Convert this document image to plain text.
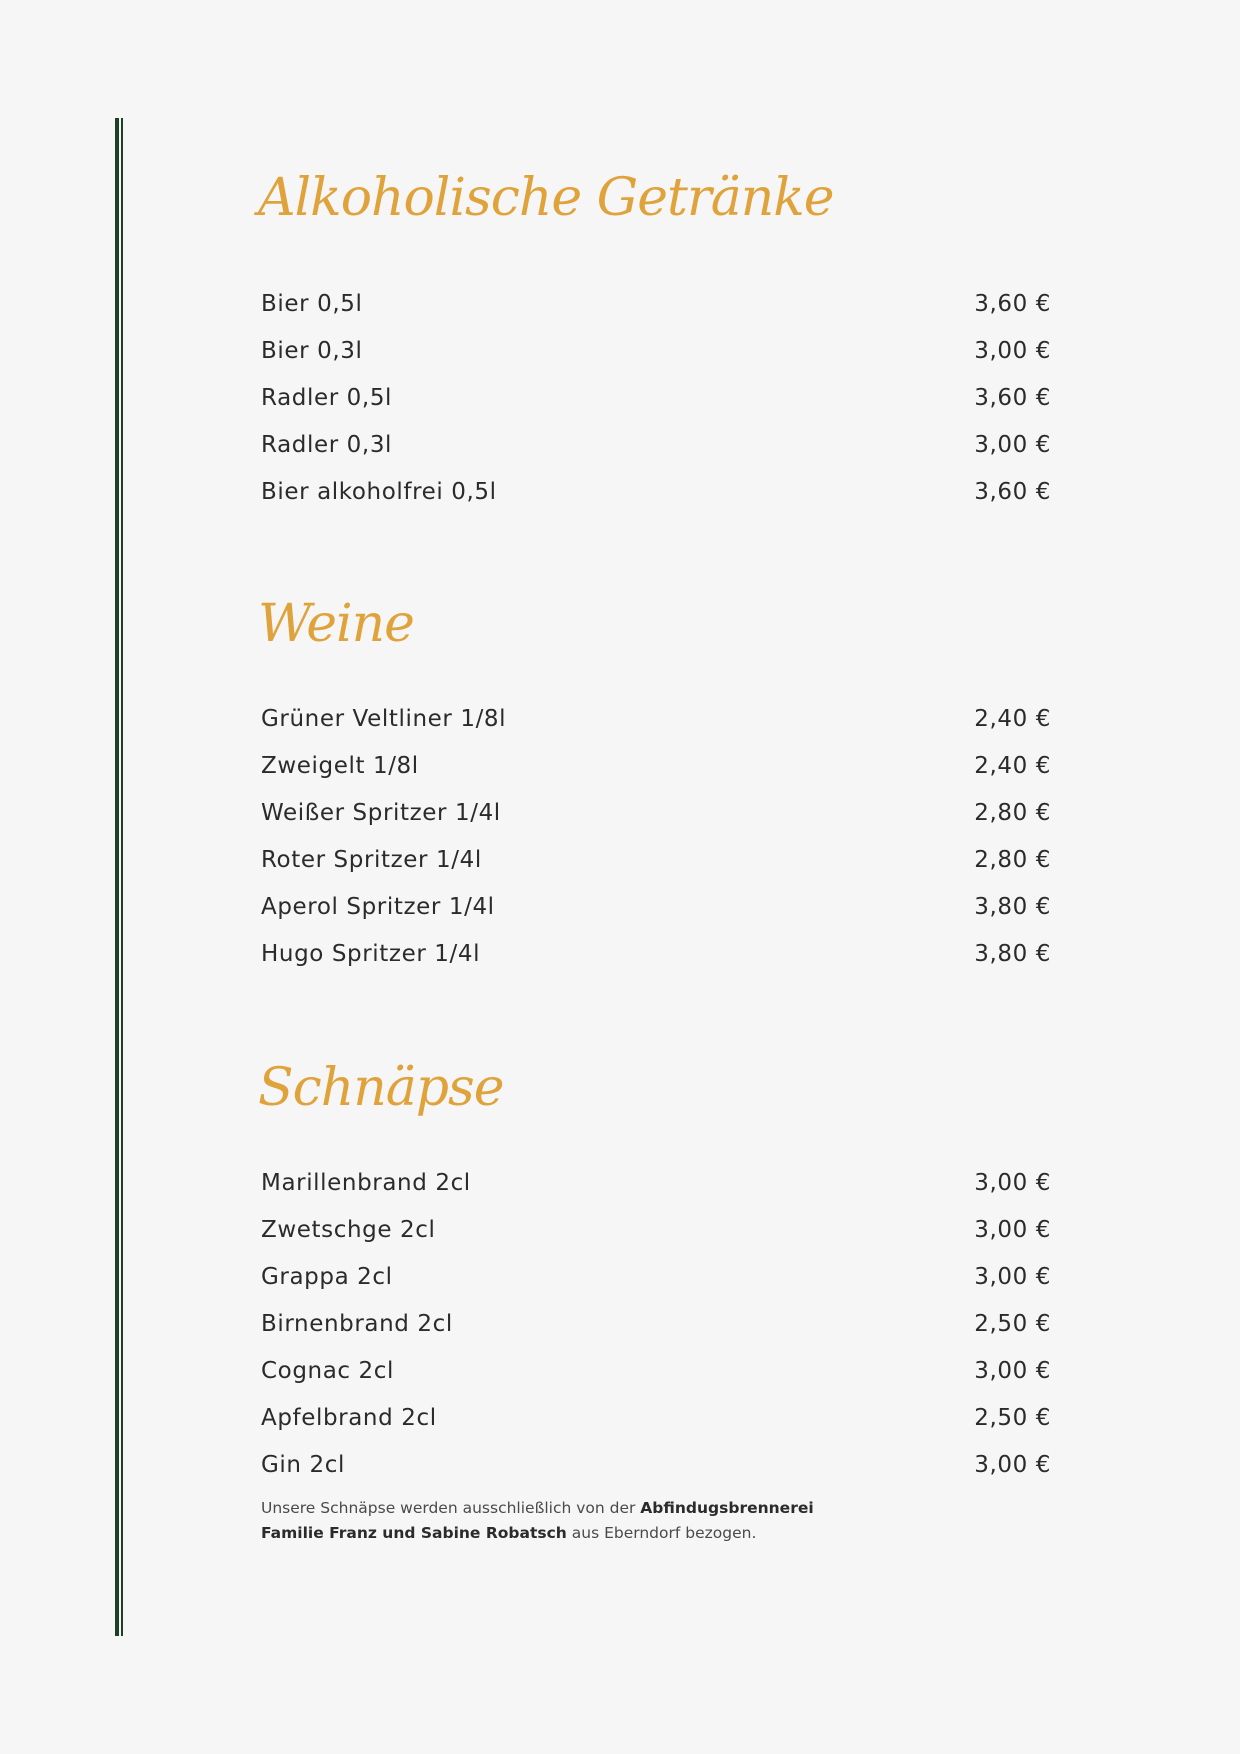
Alkoholische Getränke
Bier 0,5l	3,60 €
Bier 0,3l	3,00 €
Radler 0,5l	3,60 €
Radler 0,3l	3,00 €
Bier alkoholfrei 0,5l	3,60 €
Weine
Grüner Veltliner 1/8l	2,40 €
Zweigelt 1/8l	2,40 €
Weißer Spritzer 1/4l	2,80 €
Roter Spritzer 1/4l	2,80 €
Aperol Spritzer 1/4l	3,80 €
Hugo Spritzer 1/4l	3,80 €
Schnäpse
Marillenbrand 2cl	3,00 €
Zwetschge 2cl	3,00 €
Grappa 2cl	3,00 €
Birnenbrand 2cl	2,50 €
Cognac 2cl	3,00 €
Apfelbrand 2cl	2,50 €
Gin 2cl	3,00 €

Unsere Schnäpse werden ausschließlich von der Abfindugsbrennerei
Familie Franz und Sabine Robatsch aus Eberndorf bezogen.
